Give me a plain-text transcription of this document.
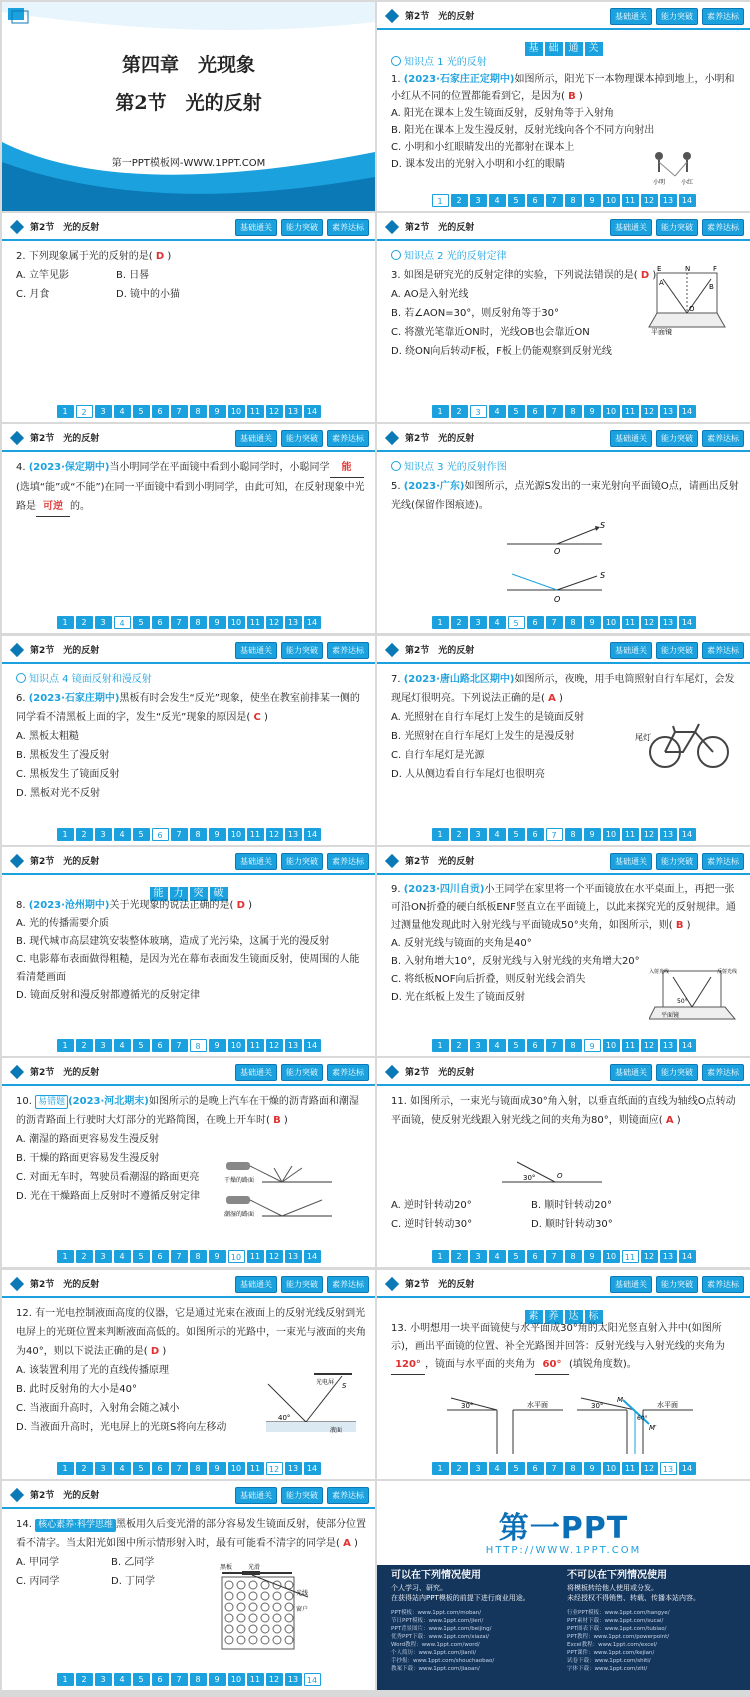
第四章　光现象
第2节　光的反射
第一PPT模板网-WWW.1PPT.COM
第2节　光的反射	基础通关	能力突破	素养达标
基	础	通	关

知识点 1 光的反射

1. (2023·石家庄正定期中)如图所示，阳光下一本物理课本掉到地上，小明和小红从不同的位置都能看到它，是因为( B )

A. 阳光在课本上发生镜面反射，反射角等于入射角

B. 阳光在课本上发生漫反射，反射光线向各个不同方向射出

C. 小明和小红眼睛发出的光都射在课本上

D. 课本发出的光射入小明和小红的眼睛

小明	小红
1	2	3	4	5	6	7	8	9	10	11	12	13	14
第2节　光的反射	基础通关	能力突破	素养达标

2. 下列现象属于光的反射的是( D )

A. 立竿见影	B. 日晷

C. 月食	D. 镜中的小猫

1	2	3	4	5	6	7	8	9	10	11	12	13	14
第2节　光的反射	基础通关	能力突破	素养达标

知识点 2 光的反射定律

3. 如图是研究光的反射定律的实验，下列说法错误的是( D )

A. AO是入射光线

B. 若∠AON=30°，则反射角等于30°

C. 将激光笔靠近ON时，光线OB也会靠近ON

D. 绕ON向后转动F板，F板上仍能观察到反射光线

E	N	F
A	B
O
平面镜
1	2	3	4	5	6	7	8	9	10	11	12	13	14
第2节　光的反射	基础通关	能力突破	素养达标

4. (2023·保定期中)当小明同学在平面镜中看到小聪同学时，小聪同学 能(选填“能”或“不能”)在同一平面镜中看到小明同学，由此可知，在反射现象中光路是 可逆 的。

1	2	3	4	5	6	7	8	9	10	11	12	13	14
第2节　光的反射	基础通关	能力突破	素养达标

知识点 3 光的反射作图

5. (2023·广东)如图所示，点光源S发出的一束光射向平面镜O点，请画出反射光线(保留作图痕迹)。

S
O
S
O
1	2	3	4	5	6	7	8	9	10	11	12	13	14
第2节　光的反射	基础通关	能力突破	素养达标

知识点 4 镜面反射和漫反射

6. (2023·石家庄期中)黑板有时会发生“反光”现象，使坐在教室前排某一侧的同学看不清黑板上面的字，发生“反光”现象的原因是( C )

A. 黑板太粗糙

B. 黑板发生了漫反射

C. 黑板发生了镜面反射

D. 黑板对光不反射

1	2	3	4	5	6	7	8	9	10	11	12	13	14
第2节　光的反射	基础通关	能力突破	素养达标

7. (2023·唐山路北区期中)如图所示，夜晚，用手电筒照射自行车尾灯，会发现尾灯很明亮。下列说法正确的是( A )

A. 光照射在自行车尾灯上发生的是镜面反射

B. 光照射在自行车尾灯上发生的是漫反射

C. 自行车尾灯是光源

D. 人从侧边看自行车尾灯也很明亮

尾灯
1	2	3	4	5	6	7	8	9	10	11	12	13	14
第2节　光的反射	基础通关	能力突破	素养达标
能	力	突	破

8. (2023·沧州期中)关于光现象的说法正确的是( D )

A. 光的传播需要介质

B. 现代城市高层建筑安装整体玻璃，造成了光污染，这属于光的漫反射

C. 电影幕布表面做得粗糙，是因为光在幕布表面发生镜面反射，使周围的人能看清楚画面

D. 镜面反射和漫反射都遵循光的反射定律

1	2	3	4	5	6	7	8	9	10	11	12	13	14
第2节　光的反射	基础通关	能力突破	素养达标

9. (2023·四川自贡)小王同学在家里将一个平面镜放在水平桌面上，再把一张可沿ON折叠的硬白纸板ENF竖直立在平面镜上，以此来探究光的反射规律。通过测量他发现此时入射光线与平面镜成50°夹角，如图所示，则( B )

A. 反射光线与镜面的夹角是40°

B. 入射角增大10°，反射光线与入射光线的夹角增大20°

C. 将纸板NOF向后折叠，则反射光线会消失

D. 光在纸板上发生了镜面反射

入射光线	反射光线
50°
平面镜
1	2	3	4	5	6	7	8	9	10	11	12	13	14
第2节　光的反射	基础通关	能力突破	素养达标

10. 易错题 (2023·河北期末)如图所示的是晚上汽车在干燥的沥青路面和潮湿的沥青路面上行驶时大灯部分的光路简图，在晚上开车时( B )

A. 潮湿的路面更容易发生漫反射

B. 干燥的路面更容易发生漫反射

C. 对面无车时，驾驶员看潮湿的路面更亮

D. 光在干燥路面上反射时不遵循反射定律

干燥的路面
潮湿的路面
1	2	3	4	5	6	7	8	9	10	11	12	13	14
第2节　光的反射	基础通关	能力突破	素养达标

11. 如图所示，一束光与镜面成30°角入射，以垂直纸面的直线为轴线O点转动平面镜，使反射光线跟入射光线之间的夹角为80°，则镜面应( A )

30°	O

A. 逆时针转动20°	B. 顺时针转动20°

C. 逆时针转动30°	D. 顺时针转动30°

1	2	3	4	5	6	7	8	9	10	11	12	13	14
第2节　光的反射	基础通关	能力突破	素养达标

12. 有一光电控制液面高度的仪器，它是通过光束在液面上的反射光线反射到光电屏上的光斑位置来判断液面高低的。如图所示的光路中，一束光与液面的夹角为40°，则以下说法正确的是( D )

A. 该装置利用了光的直线传播原理

B. 此时反射角的大小是40°

C. 当液面升高时，入射角会随之减小

D. 当液面升高时，光电屏上的光斑S将向左移动

光电屏 S
40°
液面
1	2	3	4	5	6	7	8	9	10	11	12	13	14
第2节　光的反射	基础通关	能力突破	素养达标
素	养	达	标

13. 小明想用一块平面镜使与水平面成30°角的太阳光竖直射入井中(如图所示)，画出平面镜的位置、补全光路图并回答：反射光线与入射光线的夹角为120° ，镜面与水平面的夹角为 60° (填锐角度数)。

30°	水平面	30°	水平面
M
M′
60°
1	2	3	4	5	6	7	8	9	10	11	12	13	14
第2节　光的反射	基础通关	能力突破	素养达标

14. 核心素养·科学思维 黑板用久后变光滑的部分容易发生镜面反射，使部分位置看不清字。当太阳光如图中所示情形射入时，最有可能看不清字的同学是( A )

A. 甲同学	B. 乙同学

C. 丙同学	D. 丁同学

黑板	光滑
光线
窗户
1	2	3	4	5	6	7	8	9	10	11	12	13	14
第一PPT
HTTP://WWW.1PPT.COM
可以在下列情况使用
个人学习、研究。
在获得站内PPT模板的前提下进行商业用途。
不可以在下列情况使用
将模板转给他人使用或分发。
未经授权不得销售、转载、传播本站内容。
PPT模板：www.1ppt.com/moban/
节日PPT模板：www.1ppt.com/jieri/
PPT背景图片：www.1ppt.com/beijing/
优秀PPT下载：www.1ppt.com/xiazai/
Word教程：www.1ppt.com/word/
个人简历：www.1ppt.com/jianli/
手抄报：www.1ppt.com/shouchaobao/
教案下载：www.1ppt.com/jiaoan/
行业PPT模板：www.1ppt.com/hangye/
PPT素材下载：www.1ppt.com/sucai/
PPT图表下载：www.1ppt.com/tubiao/
PPT教程：www.1ppt.com/powerpoint/
Excel教程：www.1ppt.com/excel/
PPT课件：www.1ppt.com/kejian/
试卷下载：www.1ppt.com/shiti/
字体下载：www.1ppt.com/ziti/
